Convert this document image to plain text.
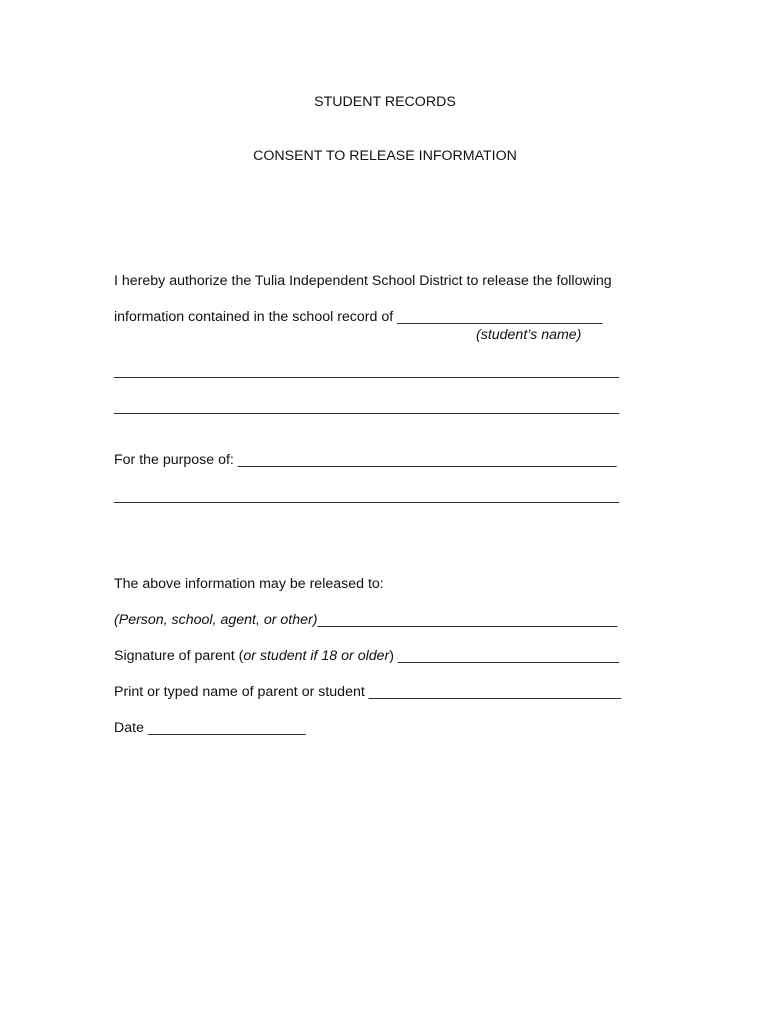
STUDENT RECORDS
CONSENT TO RELEASE INFORMATION
I hereby authorize the Tulia Independent School District to release the following
information contained in the school record of __________________________
(student’s name)
________________________________________________________________
________________________________________________________________
For the purpose of: ________________________________________________
________________________________________________________________
The above information may be released to:
(Person, school, agent, or other)______________________________________
Signature of parent (or student if 18 or older) ____________________________
Print or typed name of parent or student ________________________________
Date ____________________
